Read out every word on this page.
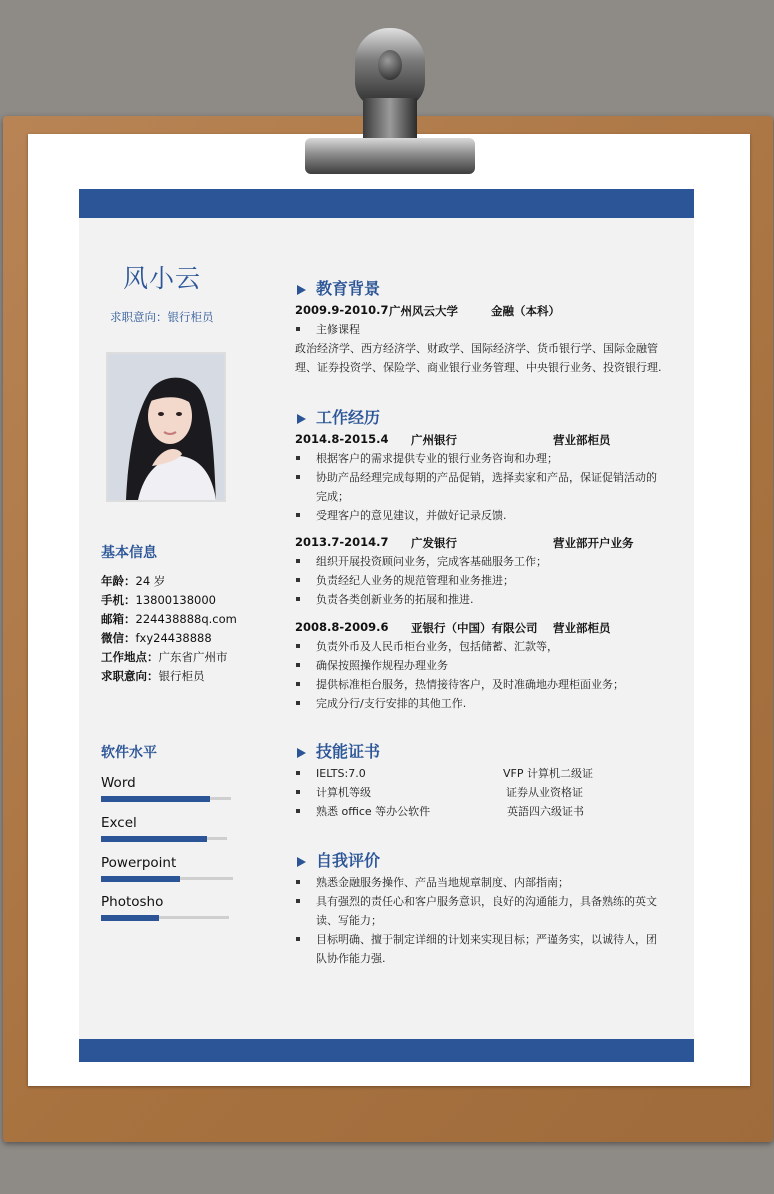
风小云
求职意向：银行柜员
基本信息
年龄：24 岁
手机：13800138000
邮箱：224438888q.com
微信：fxy24438888
工作地点：广东省广州市
求职意向：银行柜员
软件水平
Word
Excel
Powerpoint
Photosho
教育背景
2009.9-2010.7 广州风云大学	金融（本科）
主修课程
政治经济学、西方经济学、财政学、国际经济学、货币银行学、国际金融管理、证券投资学、保险学、商业银行业务管理、中央银行业务、投资银行理.
工作经历
2014.8-2015.4 广州银行	营业部柜员
根据客户的需求提供专业的银行业务咨询和办理；
协助产品经理完成每期的产品促销，选择卖家和产品，保证促销活动的完成；
受理客户的意见建议，并做好记录反馈.
2013.7-2014.7 广发银行	营业部开户业务
组织开展投资顾问业务，完成客基础服务工作；
负责经纪人业务的规范管理和业务推进；
负责各类创新业务的拓展和推进.
2008.8-2009.6 亚银行（中国）有限公司 营业部柜员
负责外币及人民币柜台业务，包括储蓄、汇款等，
确保按照操作规程办理业务
提供标准柜台服务，热情接待客户，及时准确地办理柜面业务；
完成分行/支行安排的其他工作.
技能证书
IELTS:7.0	VFP 计算机二级证
计算机等级	证券从业资格证
熟悉 office 等办公软件	英語四六级证书
自我评价
熟悉金融服务操作、产品当地规章制度、内部指南；
具有强烈的责任心和客户服务意识，良好的沟通能力，具备熟练的英文读、写能力；
目标明确、擅于制定详细的计划来实现目标；严谨务实，以诚待人，团队协作能力强.
